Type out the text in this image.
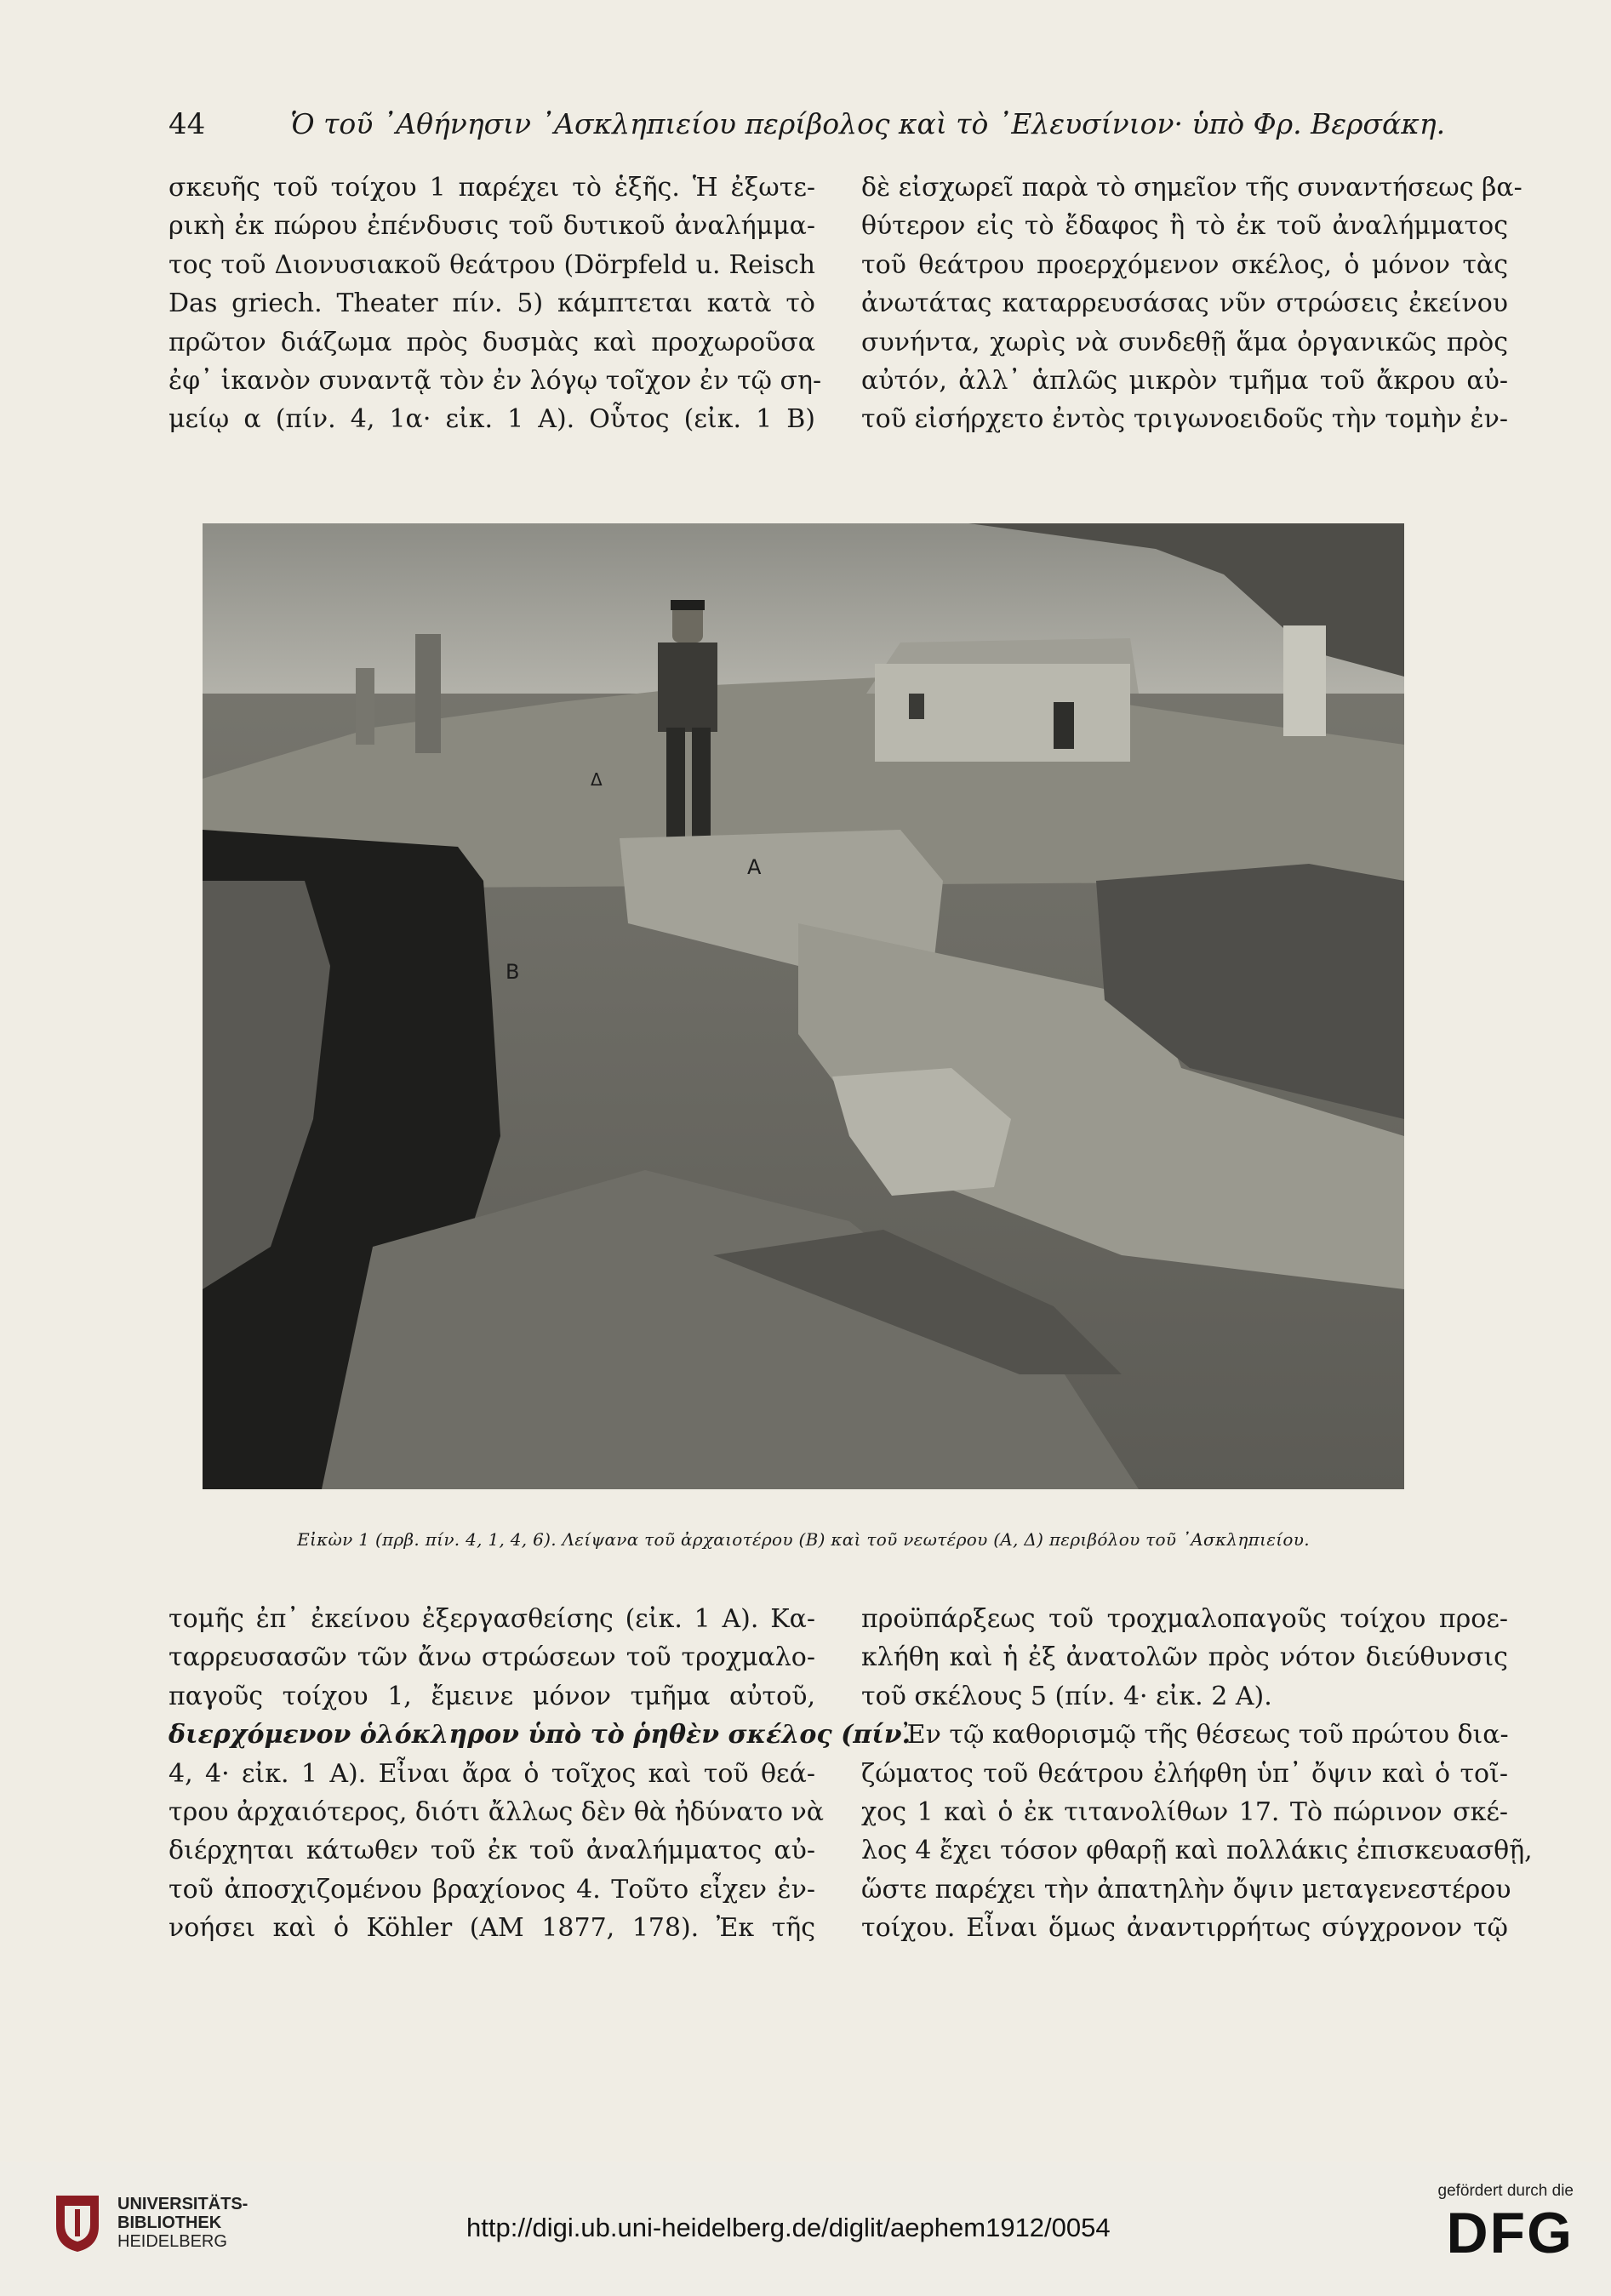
44	Ὁ τοῦ ᾿Αθήνησιν ᾿Ασκληπιείου περίβολος καὶ τὸ ᾿Ελευσίνιον· ὑπὸ Φρ. Βερσάκη.
σκευῆς τοῦ τοίχου 1 παρέχει τὸ ἑξῆς. Ἡ ἐξωτε-
ρικὴ ἐκ πώρου ἐπένδυσις τοῦ δυτικοῦ ἀναλήμμα-
τος τοῦ Διονυσιακοῦ θεάτρου (Dörpfeld u. Reisch
Das griech. Theater πίν. 5) κάμπτεται κατὰ τὸ
πρῶτον διάζωμα πρὸς δυσμὰς καὶ προχωροῦσα
ἐφ᾿ ἱκανὸν συναντᾷ τὸν ἐν λόγῳ τοῖχον ἐν τῷ ση-
μείῳ α (πίν. 4, 1α· εἰκ. 1 Α). Οὗτος (εἰκ. 1 Β)
δὲ εἰσχωρεῖ παρὰ τὸ σημεῖον τῆς συναντήσεως βα-
θύτερον εἰς τὸ ἔδαφος ἢ τὸ ἐκ τοῦ ἀναλήμματος
τοῦ θεάτρου προερχόμενον σκέλος, ὁ μόνον τὰς
ἀνωτάτας καταρρευσάσας νῦν στρώσεις ἐκείνου
συνήντα, χωρὶς νὰ συνδεθῇ ἅμα ὀργανικῶς πρὸς
αὐτόν, ἀλλ᾿ ἁπλῶς μικρὸν τμῆμα τοῦ ἄκρου αὐ-
τοῦ εἰσήρχετο ἐντὸς τριγωνοειδοῦς τὴν τομὴν ἐν-
A
B
Δ
Εἰκὼν 1 (πρβ. πίν. 4, 1, 4, 6). Λείψανα τοῦ ἀρχαιοτέρου (Β) καὶ τοῦ νεωτέρου (Α, Δ) περιβόλου τοῦ ᾿Ασκληπιείου.
τομῆς ἐπ᾿ ἐκείνου ἐξεργασθείσης (εἰκ. 1 Α). Κα-
ταρρευσασῶν τῶν ἄνω στρώσεων τοῦ τροχμαλο-
παγοῦς τοίχου 1, ἔμεινε μόνον τμῆμα αὐτοῦ,
διερχόμενον ὁλόκληρον ὑπὸ τὸ ῥηθὲν σκέλος (πίν.
4, 4· εἰκ. 1 Α). Εἶναι ἄρα ὁ τοῖχος καὶ τοῦ θεά-
τρου ἀρχαιότερος, διότι ἄλλως δὲν θὰ ἠδύνατο νὰ
διέρχηται κάτωθεν τοῦ ἐκ τοῦ ἀναλήμματος αὐ-
τοῦ ἀποσχιζομένου βραχίονος 4. Τοῦτο εἶχεν ἐν-
νοήσει καὶ ὁ Köhler (ΑΜ 1877, 178). Ἐκ τῆς
προϋπάρξεως τοῦ τροχμαλοπαγοῦς τοίχου προε-
κλήθη καὶ ἡ ἐξ ἀνατολῶν πρὸς νότον διεύθυνσις
τοῦ σκέλους 5 (πίν. 4· εἰκ. 2 Α).
Ἐν τῷ καθορισμῷ τῆς θέσεως τοῦ πρώτου δια-
ζώματος τοῦ θεάτρου ἐλήφθη ὑπ᾿ ὄψιν καὶ ὁ τοῖ-
χος 1 καὶ ὁ ἐκ τιτανολίθων 17. Τὸ πώρινον σκέ-
λος 4 ἔχει τόσον φθαρῇ καὶ πολλάκις ἐπισκευασθῇ,
ὥστε παρέχει τὴν ἀπατηλὴν ὄψιν μεταγενεστέρου
τοίχου. Εἶναι ὅμως ἀναντιρρήτως σύγχρονον τῷ
UNIVERSITÄTS-
BIBLIOTHEK
HEIDELBERG	http://digi.ub.uni-heidelberg.de/diglit/aephem1912/0054
gefördert durch die
DFG
